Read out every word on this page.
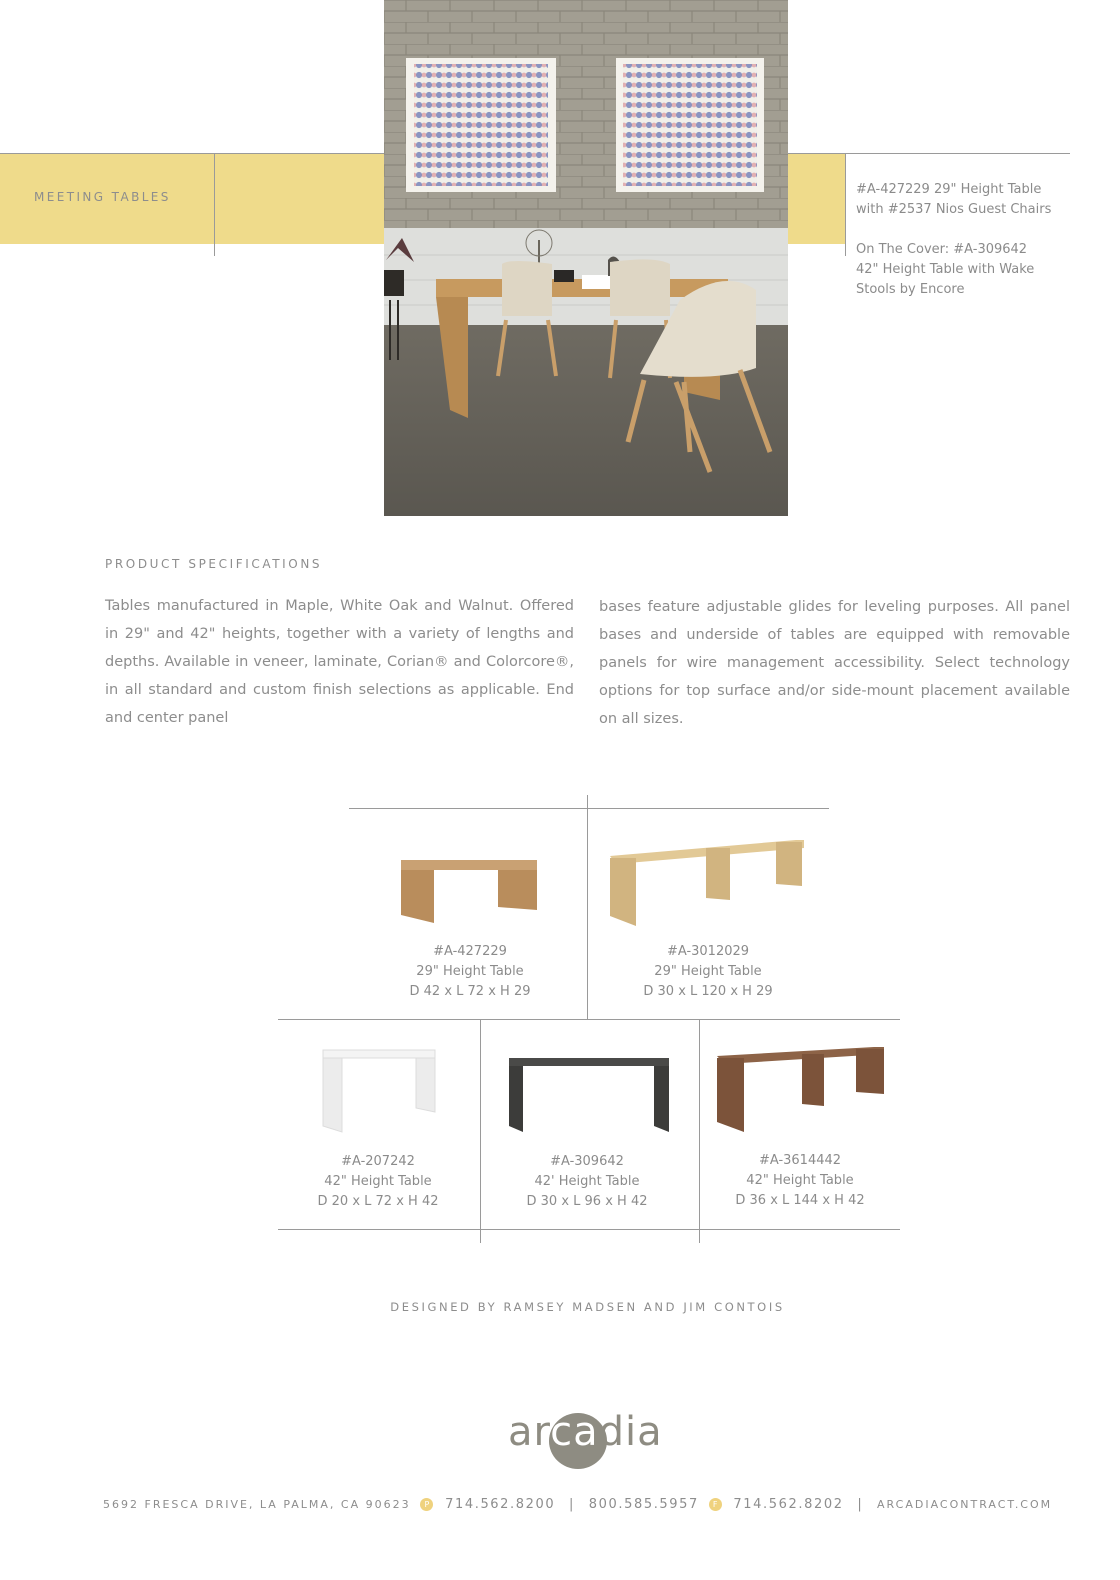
MEETING TABLES	#A-427229 29" Height Table
with #2537 Nios Guest Chairs

On The Cover: #A-309642
42" Height Table with Wake
Stools by Encore
PRODUCT SPECIFICATIONS
Tables manufactured in Maple, White Oak and Walnut. Offered in 29" and 42" heights, together with a variety of lengths and depths. Available in veneer, laminate, Corian® and Colorcore®, in all standard and custom finish selections as applicable. End and center panel
bases feature adjustable glides for leveling purposes. All panel bases and underside of tables are equipped with removable panels for wire management accessibility. Select technology options for top surface and/or side-mount placement available on all sizes.
#A-427229
29" Height Table
D 42 x L 72 x H 29
#A-3012029
29" Height Table
D 30 x L 120 x H 29
#A-207242
42" Height Table
D 20 x L 72 x H 42
#A-309642
42' Height Table
D 30 x L 96 x H 42
#A-3614442
42" Height Table
D 36 x L 144 x H 42
DESIGNED BY RAMSEY MADSEN AND JIM CONTOIS
arcadia
5692 FRESCA DRIVE, LA PALMA, CA 90623 P 714.562.8200 | 800.585.5957 F 714.562.8202 | ARCADIACONTRACT.COM
